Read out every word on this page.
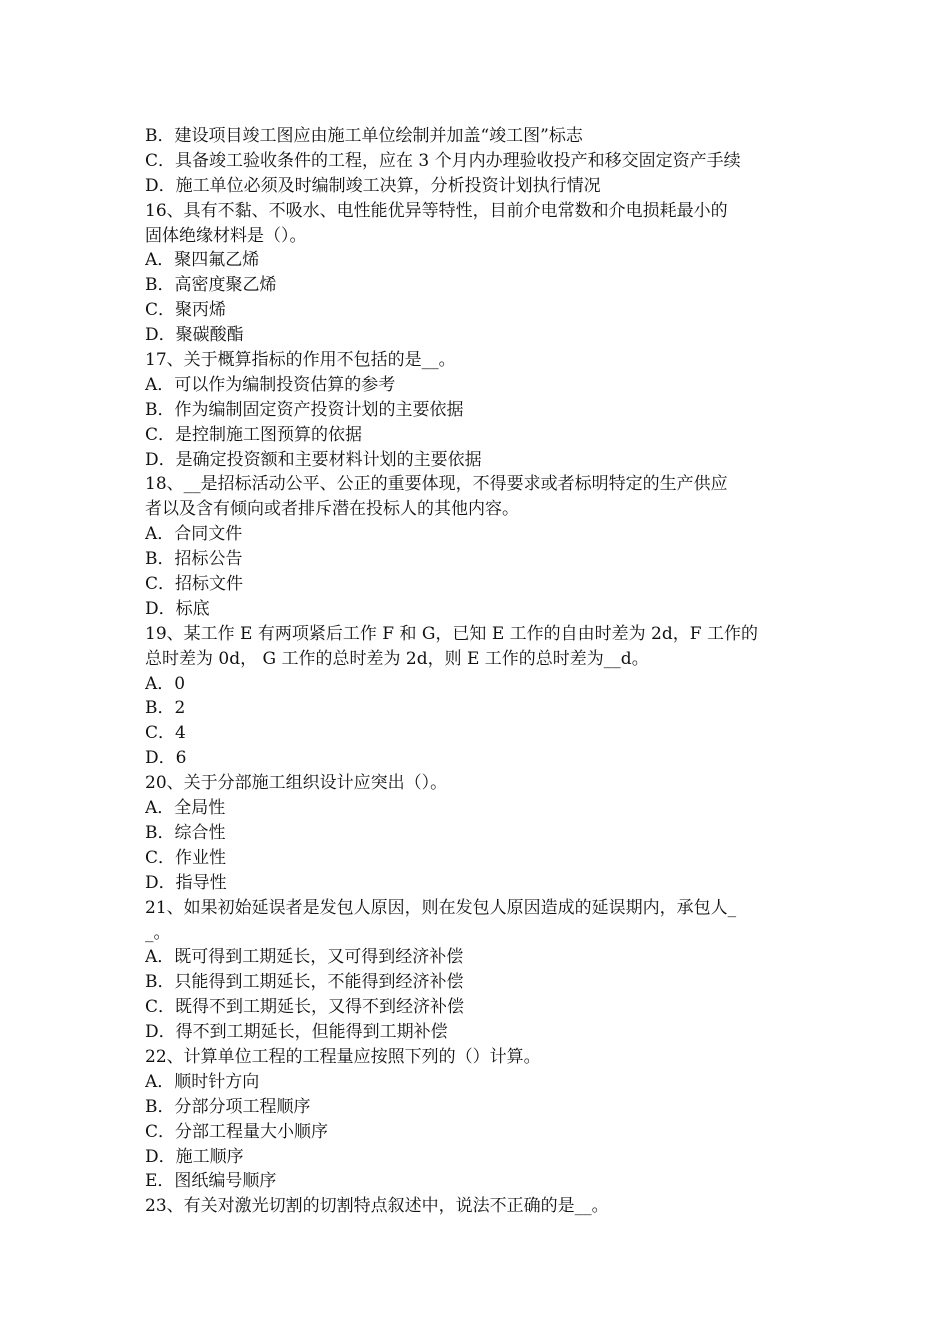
B．建设项目竣工图应由施工单位绘制并加盖“竣工图”标志
C．具备竣工验收条件的工程，应在 3 个月内办理验收投产和移交固定资产手续
D．施工单位必须及时编制竣工决算，分析投资计划执行情况
16、具有不黏、不吸水、电性能优异等特性，目前介电常数和介电损耗最小的
固体绝缘材料是（）。
A．聚四氟乙烯
B．高密度聚乙烯
C．聚丙烯
D．聚碳酸酯
17、关于概算指标的作用不包括的是__。
A．可以作为编制投资估算的参考
B．作为编制固定资产投资计划的主要依据
C．是控制施工图预算的依据
D．是确定投资额和主要材料计划的主要依据
18、__是招标活动公平、公正的重要体现，不得要求或者标明特定的生产供应
者以及含有倾向或者排斥潜在投标人的其他内容。
A．合同文件
B．招标公告
C．招标文件
D．标底
19、某工作 E 有两项紧后工作 F 和 G，已知 E 工作的自由时差为 2d，F 工作的
总时差为 0d， G 工作的总时差为 2d，则 E 工作的总时差为__d。
A．0
B．2
C．4
D．6
20、关于分部施工组织设计应突出（）。
A．全局性
B．综合性
C．作业性
D．指导性
21、如果初始延误者是发包人原因，则在发包人原因造成的延误期内，承包人_
_。
A．既可得到工期延长，又可得到经济补偿
B．只能得到工期延长，不能得到经济补偿
C．既得不到工期延长，又得不到经济补偿
D．得不到工期延长，但能得到工期补偿
22、计算单位工程的工程量应按照下列的（）计算。
A．顺时针方向
B．分部分项工程顺序
C．分部工程量大小顺序
D．施工顺序
E．图纸编号顺序
23、有关对激光切割的切割特点叙述中，说法不正确的是__。
